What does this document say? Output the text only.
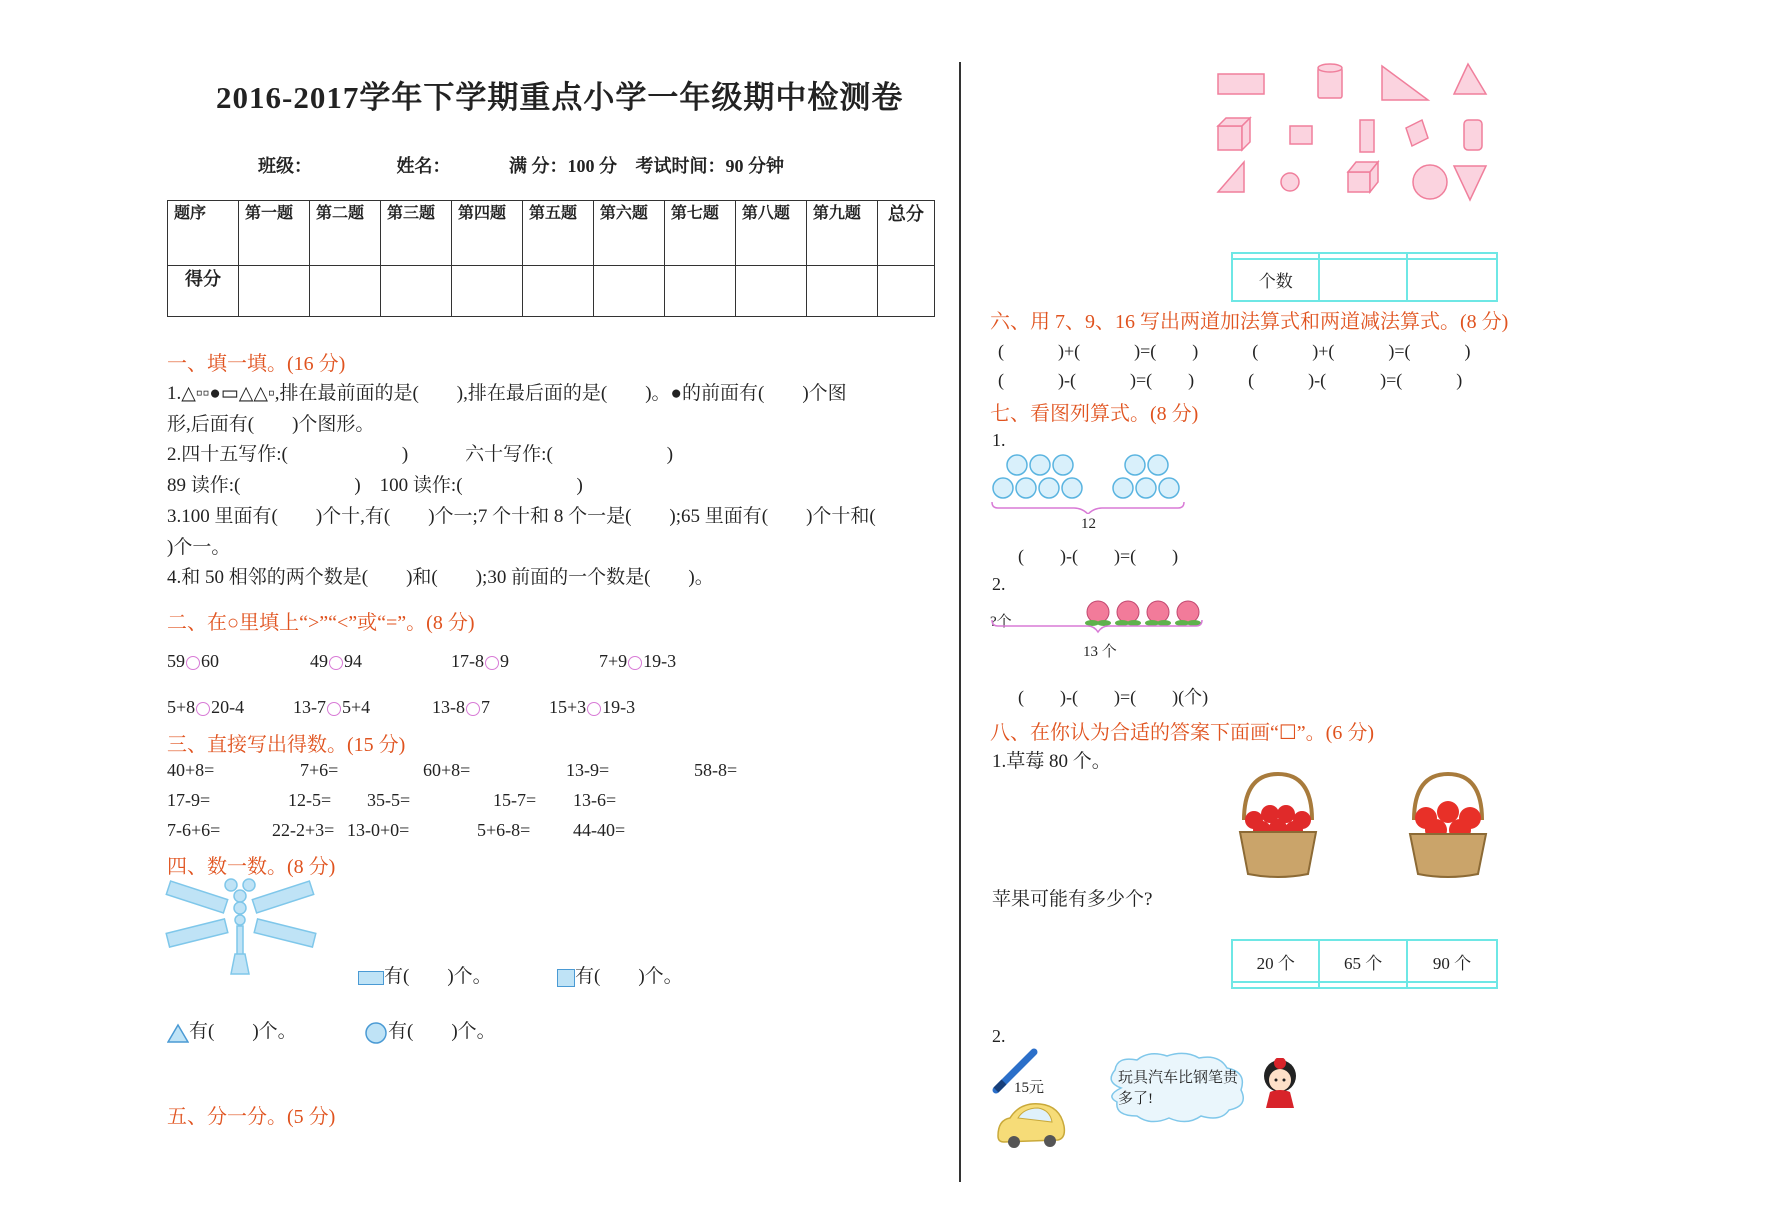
2016-2017学年下学期重点小学一年级期中检测卷
班级：	姓名：	满 分：100 分 考试时间：90 分钟
题序	第一题	第二题	第三题	第四题	第五题	第六题	第七题	第八题	第九题	总分
得分										
一、填一填。(16 分)
1.△▫▫●▭△△▫,排在最前面的是(　　),排在最后面的是(　　)。●的前面有(　　)个图
形,后面有(　　)个图形。
2.四十五写作:(　　　　　　)　　　六十写作:(　　　　　　)
89 读作:(　　　　　　)　100 读作:(　　　　　　)
3.100 里面有(　　)个十,有(　　)个一;7 个十和 8 个一是(　　);65 里面有(　　)个十和(
)个一。
4.和 50 相邻的两个数是(　　)和(　　);30 前面的一个数是(　　)。
二、在○里填上“>”“<”或“=”。(8 分)
59 60	49 94	17-8 9	7+9 19-3
5+8 20-4	13-7 5+4	13-8 7	15+3 19-3
三、直接写出得数。(15 分)
40+8=	7+6=	60+8=	13-9=	58-8=
17-9=	12-5= 35-5=	15-7= 13-6=
7-6+6=	22-2+3= 13-0+0=	5+6-8= 44-40=
四、数一数。(8 分)
有(　　)个。	有(　　)个。
有(　　)个。	有(　　)个。
五、分一分。(5 分)

个数		
六、用 7、9、16 写出两道加法算式和两道减法算式。(8 分)
(　　　)+(　　　)=(　　)　　　(　　　)+(　　　)=(　　　)
(　　　)-(　　　)=(　　)　　　(　　　)-(　　　)=(　　　)
七、看图列算式。(8 分)
1.
12
(　　)-(　　)=(　　)
2.
?个
13 个
(　　)-(　　)=(　　)(个)
八、在你认为合适的答案下面画“☐”。(6 分)
1.草莓 80 个。
苹果可能有多少个?
20 个	65 个	90 个

2.
15元
玩具汽车比钢笔贵多了!
